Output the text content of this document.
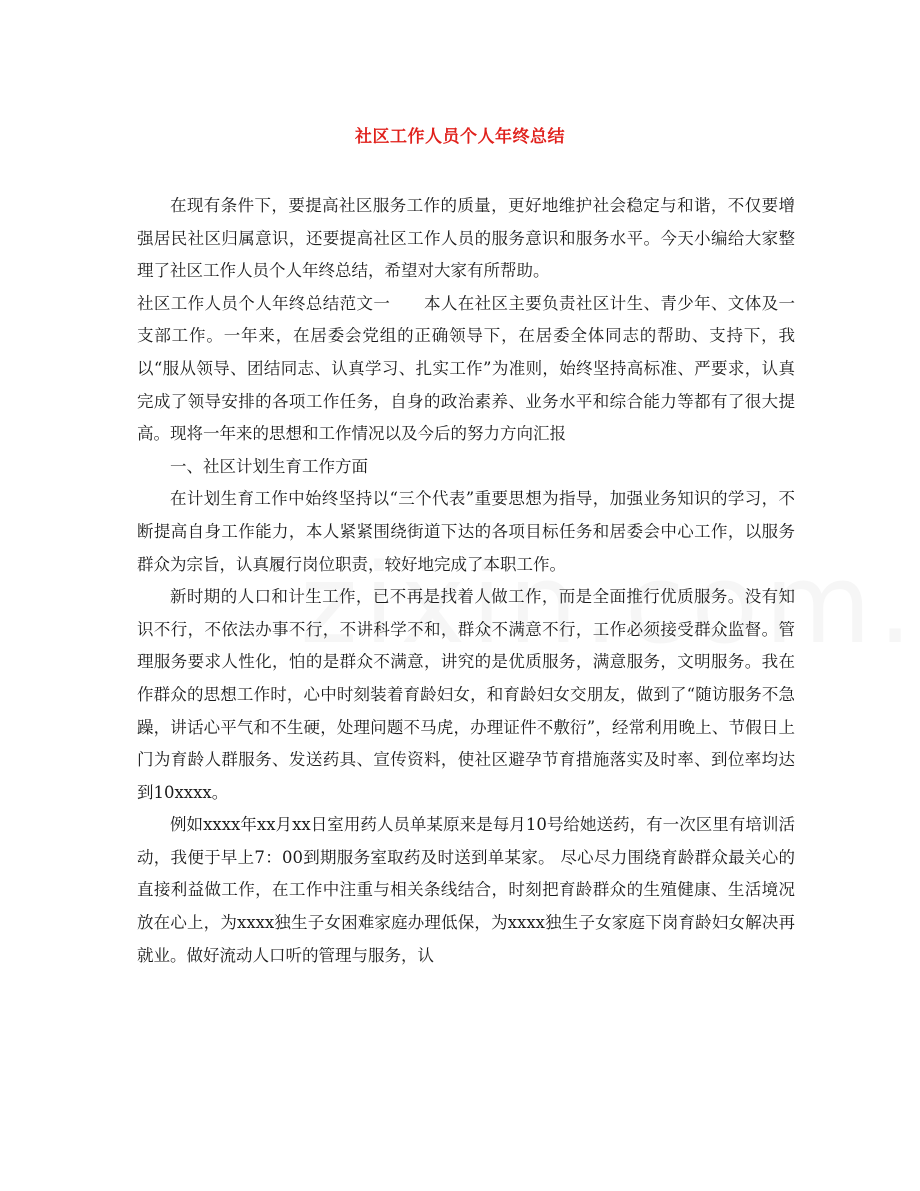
社区工作人员个人年终总结

在现有条件下，要提高社区服务工作的质量，更好地维护社会稳定与和谐，不仅要增强居民社区归属意识，还要提高社区工作人员的服务意识和服务水平。今天小编给大家整理了社区工作人员个人年终总结，希望对大家有所帮助。

社区工作人员个人年终总结范文一　　本人在社区主要负责社区计生、青少年、文体及一支部工作。一年来，在居委会党组的正确领导下，在居委全体同志的帮助、支持下，我以“服从领导、团结同志、认真学习、扎实工作”为准则，始终坚持高标准、严要求，认真完成了领导安排的各项工作任务，自身的政治素养、业务水平和综合能力等都有了很大提高。现将一年来的思想和工作情况以及今后的努力方向汇报

一、社区计划生育工作方面

在计划生育工作中始终坚持以“三个代表”重要思想为指导，加强业务知识的学习，不断提高自身工作能力，本人紧紧围绕街道下达的各项目标任务和居委会中心工作，以服务群众为宗旨，认真履行岗位职责，较好地完成了本职工作。

新时期的人口和计生工作，已不再是找着人做工作，而是全面推行优质服务。没有知识不行，不依法办事不行，不讲科学不和，群众不满意不行，工作必须接受群众监督。管理服务要求人性化，怕的是群众不满意，讲究的是优质服务，满意服务，文明服务。我在作群众的思想工作时，心中时刻装着育龄妇女，和育龄妇女交朋友，做到了“随访服务不急躁，讲话心平气和不生硬，处理问题不马虎，办理证件不敷衍”，经常利用晚上、节假日上门为育龄人群服务、发送药具、宣传资料，使社区避孕节育措施落实及时率、到位率均达到10xxxx。

例如xxxx年xx月xx日室用药人员单某原来是每月10号给她送药，有一次区里有培训活动，我便于早上7：00到期服务室取药及时送到单某家。 尽心尽力围绕育龄群众最关心的直接利益做工作，在工作中注重与相关条线结合，时刻把育龄群众的生殖健康、生活境况放在心上，为xxxx独生子女困难家庭办理低保，为xxxx独生子女家庭下岗育龄妇女解决再就业。做好流动人口听的管理与服务，认
